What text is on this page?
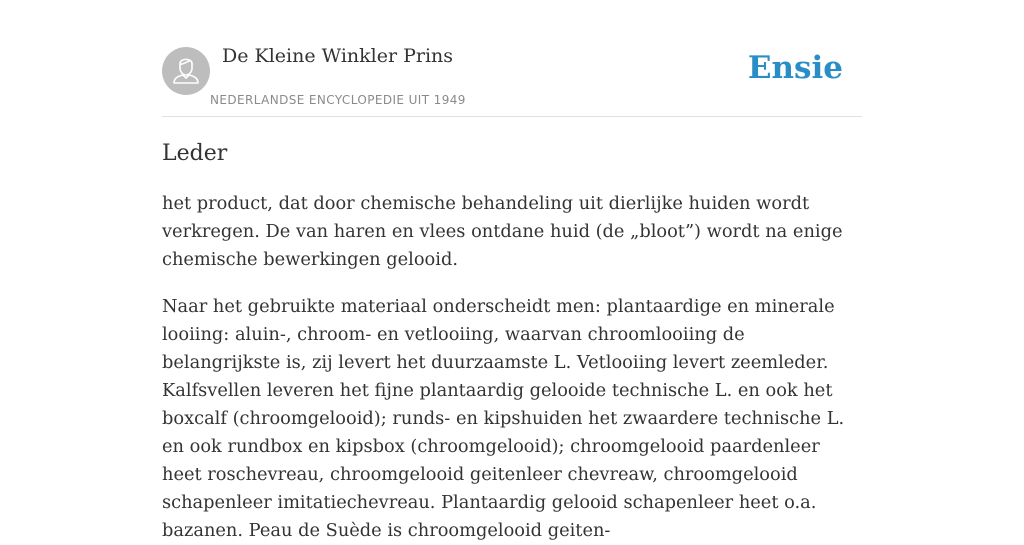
De Kleine Winkler Prins
NEDERLANDSE ENCYCLOPEDIE UIT 1949
Ensie
Leder

het product, dat door chemische behandeling uit dierlijke huiden wordt verkregen. De van haren en vlees ontdane huid (de „bloot”) wordt na enige chemische bewerkingen gelooid.

Naar het gebruikte materiaal onderscheidt men: plantaardige en minerale looiing: aluin-, chroom- en vetlooiing, waarvan chroomlooiing de belangrijkste is, zij levert het duurzaamste L. Vetlooiing levert zeemleder. Kalfsvellen leveren het fijne plantaardig gelooide technische L. en ook het boxcalf (chroomgelooid); runds- en kipshuiden het zwaardere technische L. en ook rundbox en kipsbox (chroomgelooid); chroomgelooid paardenleer heet roschevreau, chroomgelooid geitenleer chevreaw, chroomgelooid schapenleer imitatiechevreau. Plantaardig gelooid schapenleer heet o.a. bazanen. Peau de Suède is chroomgelooid geiten-
